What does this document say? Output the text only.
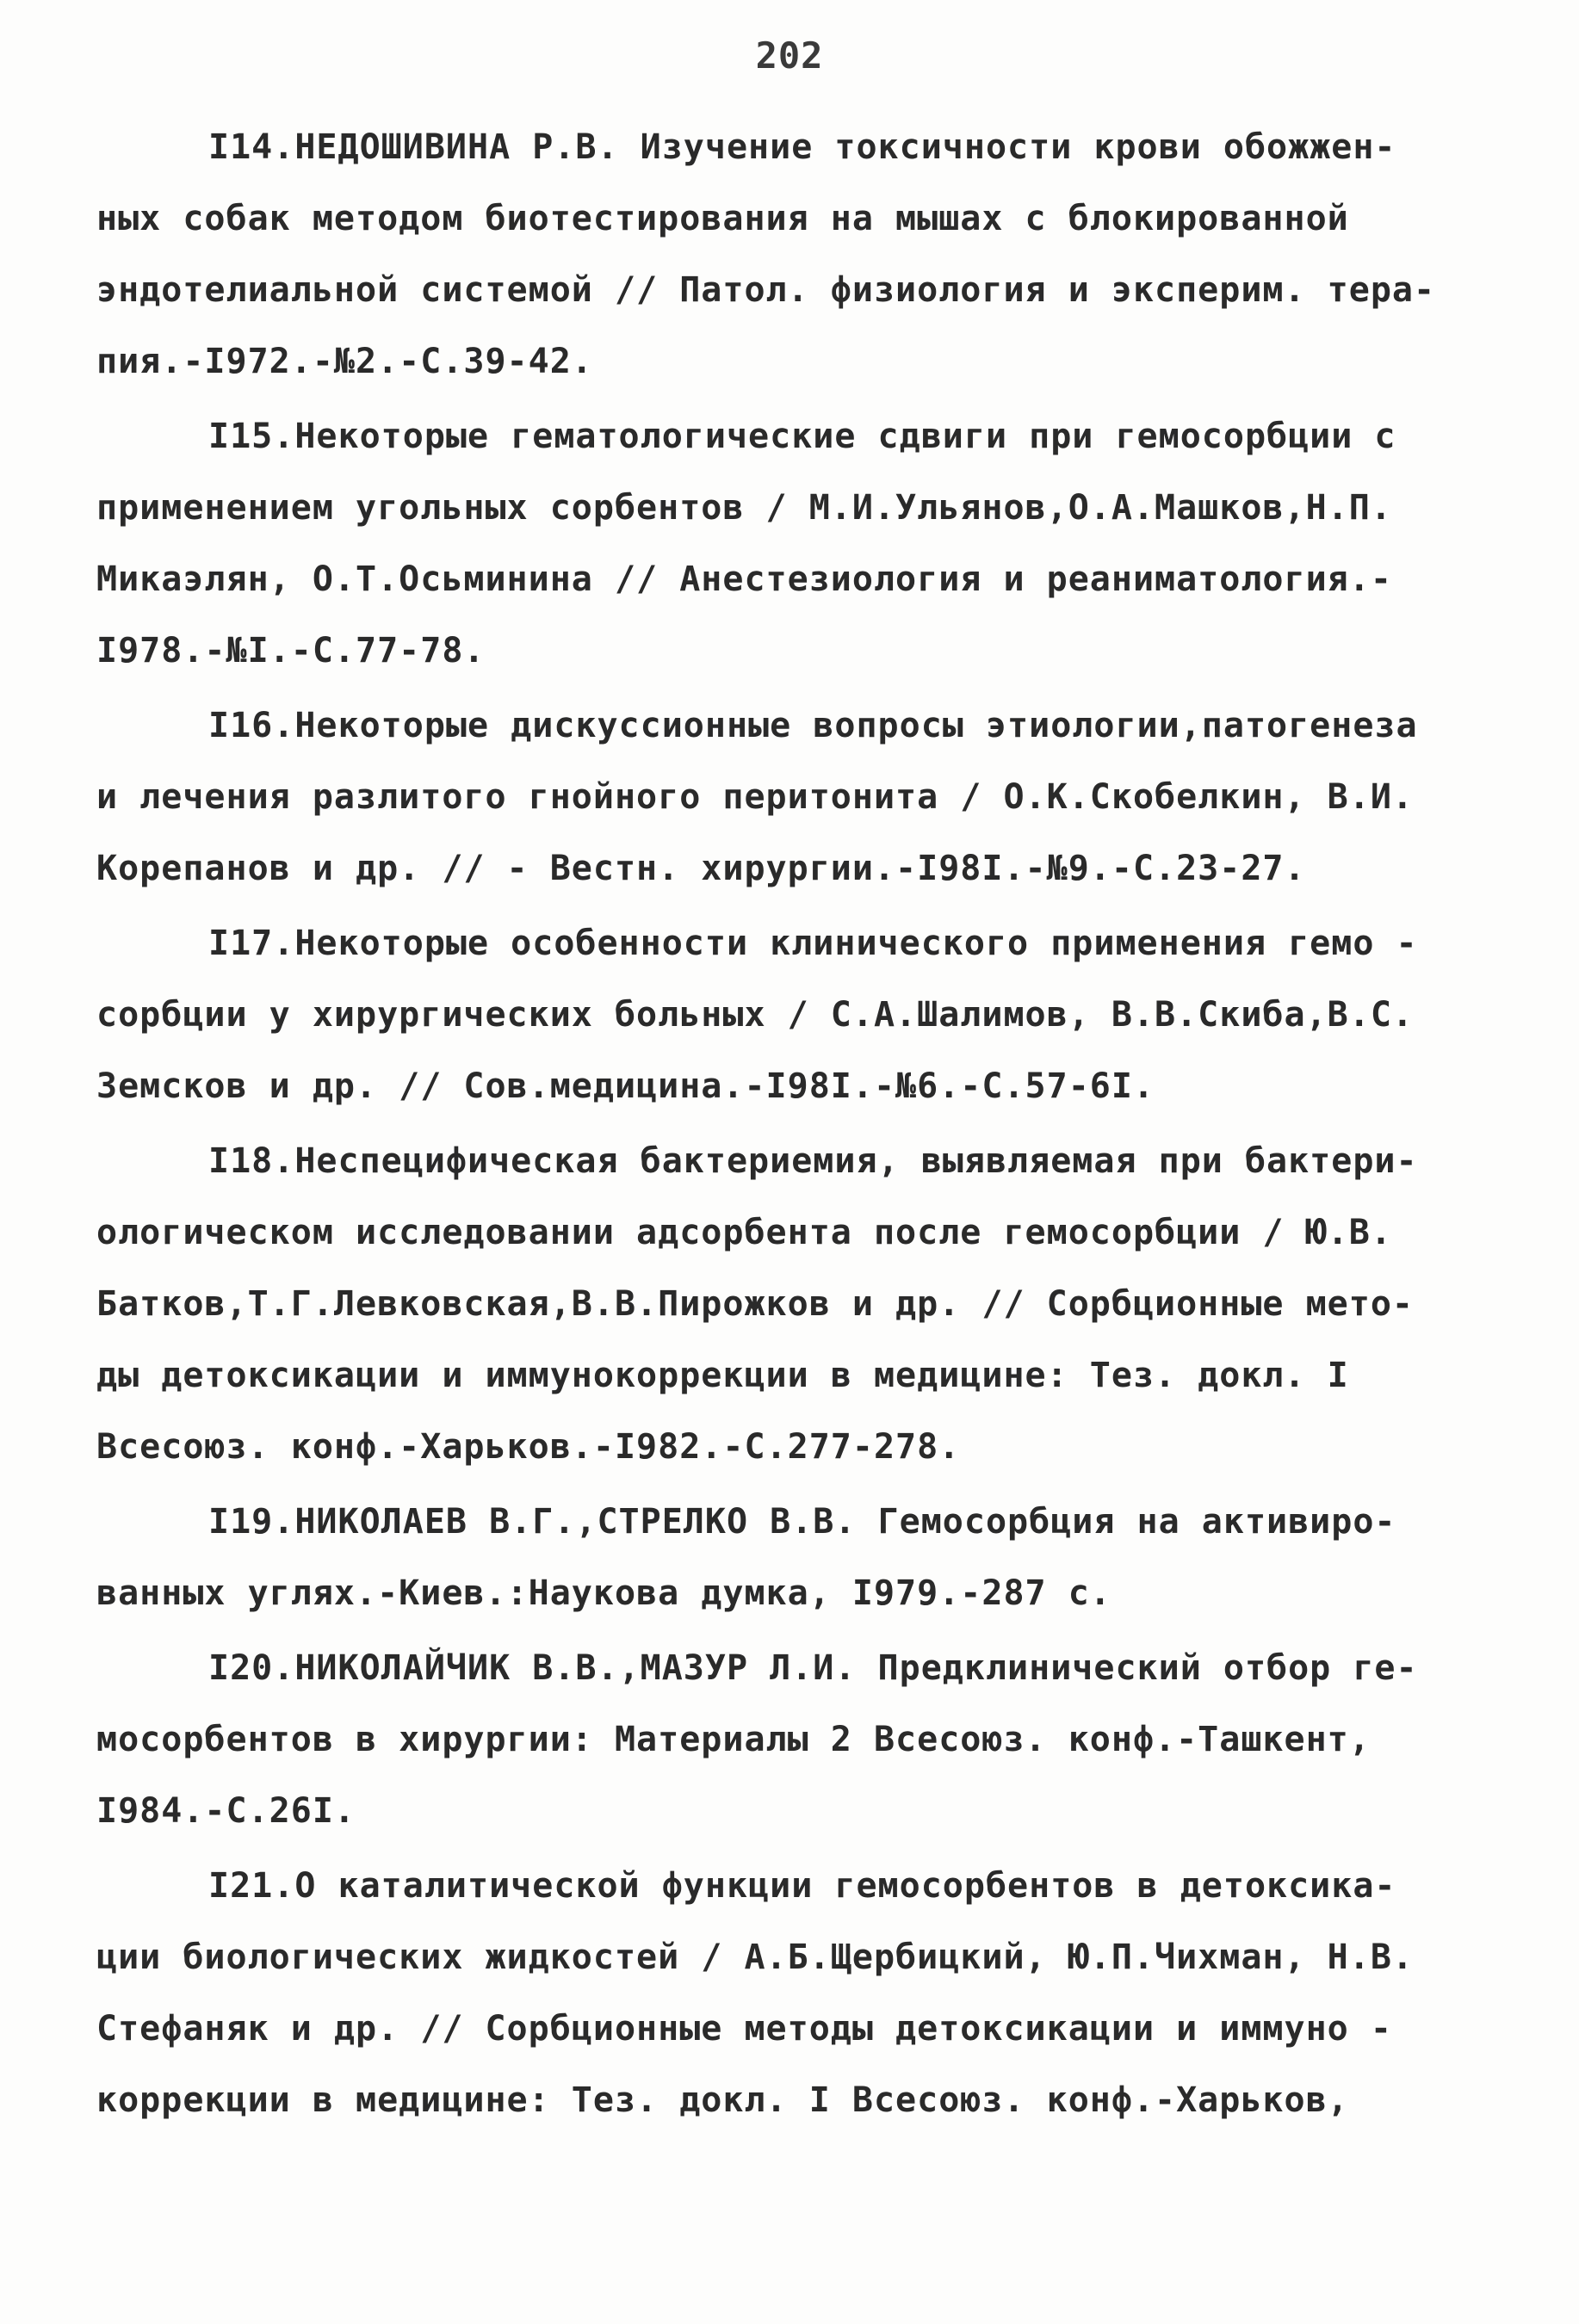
202
I14.НЕДОШИВИНА Р.В. Изучение токсичности крови обожжен-
ных собак методом биотестирования на мышах с блокированной
эндотелиальной системой // Патол. физиология и эксперим. тера-
пия.-I972.-№2.-С.39-42.
I15.Некоторые гематологические сдвиги при гемосорбции с
применением угольных сорбентов / М.И.Ульянов,О.А.Машков,Н.П.
Микаэлян, О.Т.Осьминина // Анестезиология и реаниматология.-
I978.-№I.-С.77-78.
I16.Некоторые дискуссионные вопросы этиологии,патогенеза
и лечения разлитого гнойного перитонита / О.К.Скобелкин, В.И.
Корепанов и др. // - Вестн. хирургии.-I98I.-№9.-С.23-27.
I17.Некоторые особенности клинического применения гемо -
сорбции у хирургических больных / С.А.Шалимов, В.В.Скиба,В.С.
Земсков и др. // Сов.медицина.-I98I.-№6.-С.57-6I.
I18.Неспецифическая бактериемия, выявляемая при бактери-
ологическом исследовании адсорбента после гемосорбции / Ю.В.
Батков,Т.Г.Левковская,В.В.Пирожков и др. // Сорбционные мето-
ды детоксикации и иммунокоррекции в медицине: Тез. докл. I
Всесоюз. конф.-Харьков.-I982.-С.277-278.
I19.НИКОЛАЕВ В.Г.,СТРЕЛКО В.В. Гемосорбция на активиро-
ванных углях.-Киев.:Наукова думка, I979.-287 с.
I20.НИКОЛАЙЧИК В.В.,МАЗУР Л.И. Предклинический отбор ге-
мосорбентов в хирургии: Материалы 2 Всесоюз. конф.-Ташкент,
I984.-С.26I.
I21.О каталитической функции гемосорбентов в детоксика-
ции биологических жидкостей / А.Б.Щербицкий, Ю.П.Чихман, Н.В.
Стефаняк и др. // Сорбционные методы детоксикации и иммуно -
коррекции в медицине: Тез. докл. I Всесоюз. конф.-Харьков,
